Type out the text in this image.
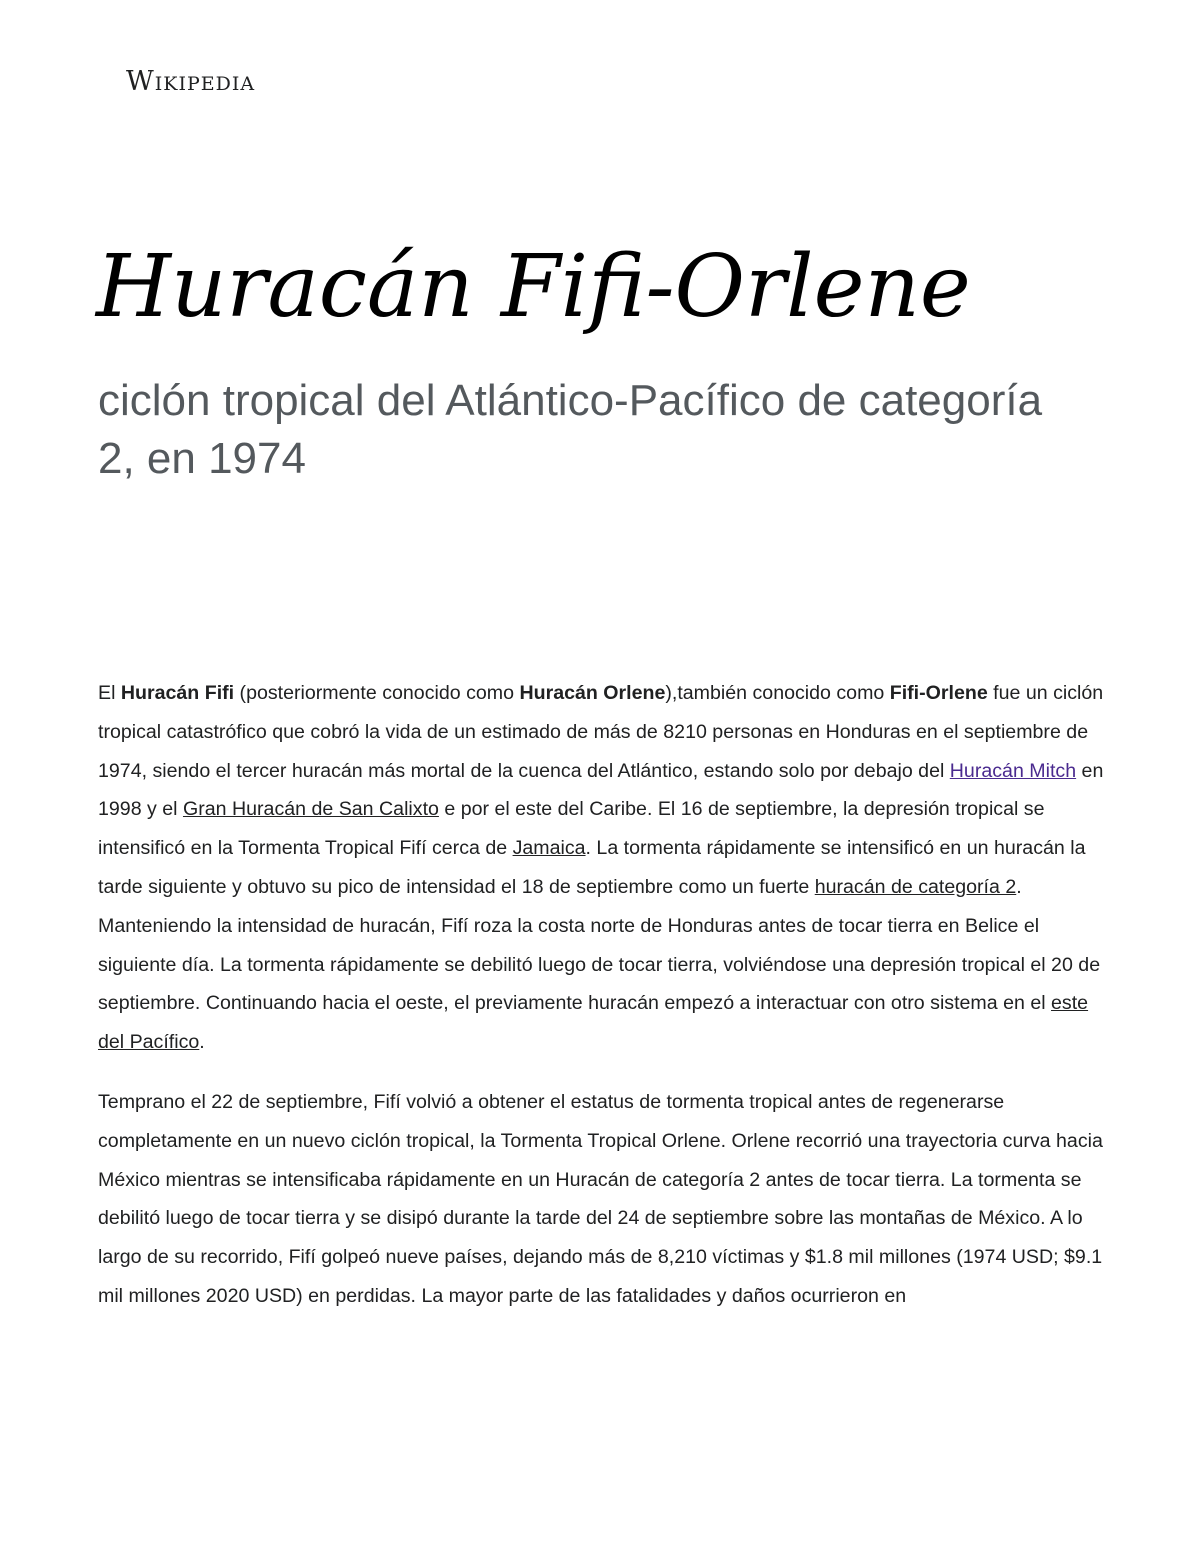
Wikipedia
Huracán Fifi-Orlene
ciclón tropical del Atlántico-Pacífico de categoría 2, en 1974

El Huracán Fifi (posteriormente conocido como Huracán Orlene),también conocido como Fifi-Orlene fue un ciclón tropical catastrófico que cobró la vida de un estimado de más de 8210 personas en Honduras en el septiembre de 1974, siendo el tercer huracán más mortal de la cuenca del Atlántico, estando solo por debajo del Huracán Mitch en 1998 y el Gran Huracán de San Calixto e por el este del Caribe. El 16 de septiembre, la depresión tropical se intensificó en la Tormenta Tropical Fifí cerca de Jamaica. La tormenta rápidamente se intensificó en un huracán la tarde siguiente y obtuvo su pico de intensidad el 18 de septiembre como un fuerte huracán de categoría 2. Manteniendo la intensidad de huracán, Fifí roza la costa norte de Honduras antes de tocar tierra en Belice el siguiente día. La tormenta rápidamente se debilitó luego de tocar tierra, volviéndose una depresión tropical el 20 de septiembre. Continuando hacia el oeste, el previamente huracán empezó a interactuar con otro sistema en el este del Pacífico.

Temprano el 22 de septiembre, Fifí volvió a obtener el estatus de tormenta tropical antes de regenerarse completamente en un nuevo ciclón tropical, la Tormenta Tropical Orlene. Orlene recorrió una trayectoria curva hacia México mientras se intensificaba rápidamente en un Huracán de categoría 2 antes de tocar tierra. La tormenta se debilitó luego de tocar tierra y se disipó durante la tarde del 24 de septiembre sobre las montañas de México. A lo largo de su recorrido, Fifí golpeó nueve países, dejando más de 8,210 víctimas y $1.8 mil millones (1974 USD; $9.1 mil millones 2020 USD) en perdidas. La mayor parte de las fatalidades y daños ocurrieron en
